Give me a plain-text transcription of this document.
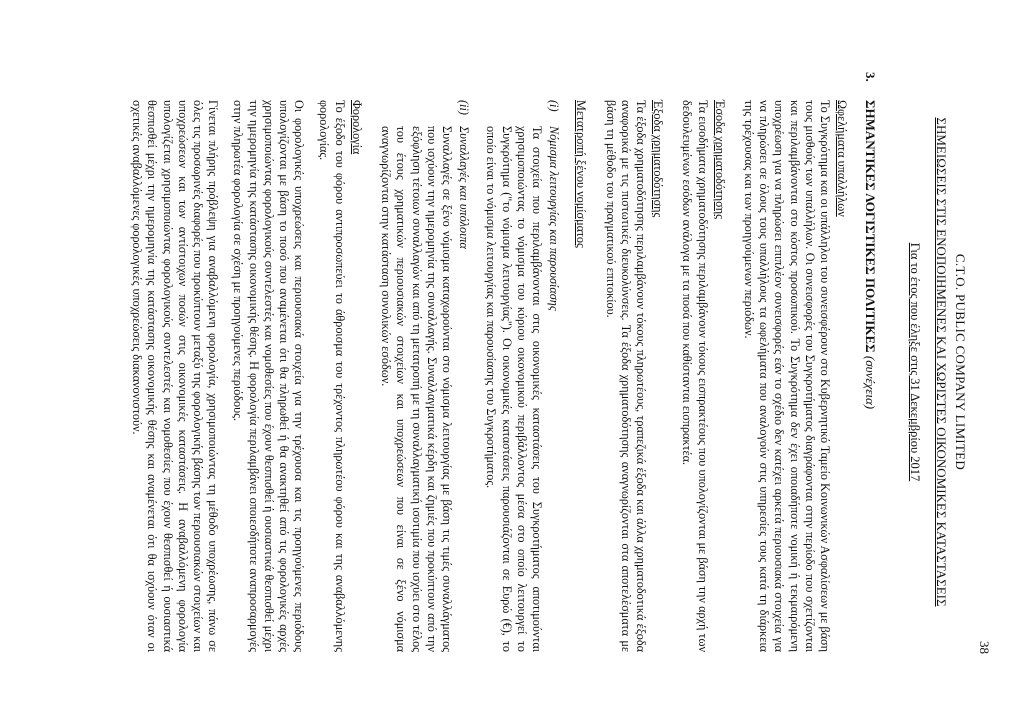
38
C.T.O. PUBLIC COMPANY LIMITED
ΣΗΜΕΙΩΣΕΙΣ ΣΤΙΣ ΕΝΟΠΟΙΗΜΕΝΕΣ ΚΑΙ ΧΩΡΙΣΤΕΣ ΟΙΚΟΝΟΜΙΚΕΣ ΚΑΤΑΣΤΑΣΕΙΣ
Για το έτος που έληξε στις 31 Δεκεμβρίου 2017
3.
ΣΗΜΑΝΤΙΚΕΣ ΛΟΓΙΣΤΙΚΕΣ ΠΟΛΙΤΙΚΕΣ (συνέχεια)
Ωφελήματα υπαλλήλων

Το Συγκρότημα και οι υπάλληλοι του συνεισφέρουν στο Κυβερνητικό Ταμείο Κοινωνικών Ασφαλίσεων με βάση τους μισθούς των υπαλλήλων. Οι συνεισφορές του Συγκροτήματος διαγράφονται στην περίοδο που σχετίζονται και περιλαμβάνονται στο κόστος προσωπικού. Το Συγκρότημα δεν έχει οποιαδήποτε νομική ή τεκμαιρόμενη υποχρέωση για να πληρώσει επιπλέον συνεισφορές εάν το σχέδιο δεν κατέχει αρκετά περιουσιακά στοιχεία για να πληρώσει σε όλους τους υπαλλήλους τα ωφελήματα που αναλογούν στις υπηρεσίες τους κατά τη διάρκεια της τρέχουσας και των προηγούμενων περιόδων.

Έσοδα χρηματοδότησης

Τα εισοδήματα χρηματοδότησης περιλαμβάνουν τόκους εισπρακτέους που υπολογίζονται με βάση την αρχή των δεδουλευμένων εσόδων ανάλογα με τα ποσά που καθίστανται εισπρακτέα.

Έξοδα χρηματοδότησης

Τα έξοδα χρηματοδότησης περιλαμβάνουν τόκους πληρωτέους, τραπεζικά έξοδα και άλλα χρηματοδοτικά έξοδα αναφορικά με τις πιστωτικές διευκολύνσεις. Τα έξοδα χρηματοδότησης αναγνωρίζονται στα αποτελέσματα με βάση τη μέθοδο του πραγματικού επιτοκίου.

Μετατροπή ξένου νομίσματος
(i)
Νόμισμα λειτουργίας και παρουσίασης

Τα στοιχεία που περιλαμβάνονται στις οικονομικές καταστάσεις του Συγκροτήματος αποτιμούνται χρησιμοποιώντας το νόμισμα του κύριου οικονομικού περιβάλλοντος μέσα στο οποίο λειτουργεί το Συγκρότημα ("το νόμισμα λειτουργίας"). Οι οικονομικές καταστάσεις παρουσιάζονται σε Ευρώ (€), το οποίο είναι το νόμισμα λειτουργίας και παρουσίασης του Συγκροτήματος.

(ii)
Συναλλαγές και υπόλοιπα

Συναλλαγές σε ξένο νόμισμα καταχωρούνται στο νόμισμα λειτουργίας με βάση τις τιμές συναλλάγματος που ισχύουν την ημερομηνία της συναλλαγής. Συναλλαγματικά κέρδη και ζημιές που προκύπτουν από την εξόφληση τέτοιων συναλλαγών και από τη μετατροπή με τη συναλλαγματική ισοτιμία που ισχύει στο τέλος του έτους χρηματικών περιουσιακών στοιχείων και υποχρεώσεων που είναι σε ξένο νόμισμα αναγνωρίζονται στην κατάσταση συνολικών εσόδων.

Φορολογία

Το έξοδο του φόρου αντιπροσωπεύει το άθροισμα του τρέχοντος πληρωτέου φόρου και της αναβαλλόμενης φορολογίας.

Οι φορολογικές υποχρεώσεις και περιουσιακά στοιχεία για την τρέχουσα και τις προηγούμενες περιόδους υπολογίζονται με βάση το ποσό που αναμένεται ότι θα πληρωθεί ή θα ανακτηθεί από τις φορολογικές αρχές χρησιμοποιώντας φορολογικούς συντελεστές και νομοθεσίες που έχουν θεσπισθεί ή ουσιαστικά θεσπισθεί μέχρι την ημερομηνία της κατάστασης οικονομικής θέσης. Η φορολογία περιλαμβάνει οποιεσδήποτε αναπροσαρμογές στην πληρωτέα φορολογία σε σχέση με προηγούμενες περιόδους.

Γίνεται πλήρης πρόβλεψη για αναβαλλόμενη φορολογία, χρησιμοποιώντας τη μέθοδο υποχρέωσης, πάνω σε όλες τις προσωρινές διαφορές που προκύπτουν μεταξύ της φορολογικής βάσης των περιουσιακών στοιχείων και υποχρεώσεων και των αντίστοιχων ποσών στις οικονομικές καταστάσεις. Η αναβαλλόμενη φορολογία υπολογίζεται χρησιμοποιώντας φορολογικούς συντελεστές και νομοθεσίες που έχουν θεσπισθεί ή ουσιαστικά θεσπισθεί μέχρι την ημερομηνία της κατάστασης οικονομικής θέσης και αναμένεται ότι θα ισχύουν όταν οι σχετικές αναβαλλόμενες φορολογικές υποχρεώσεις διακανονιστούν.
